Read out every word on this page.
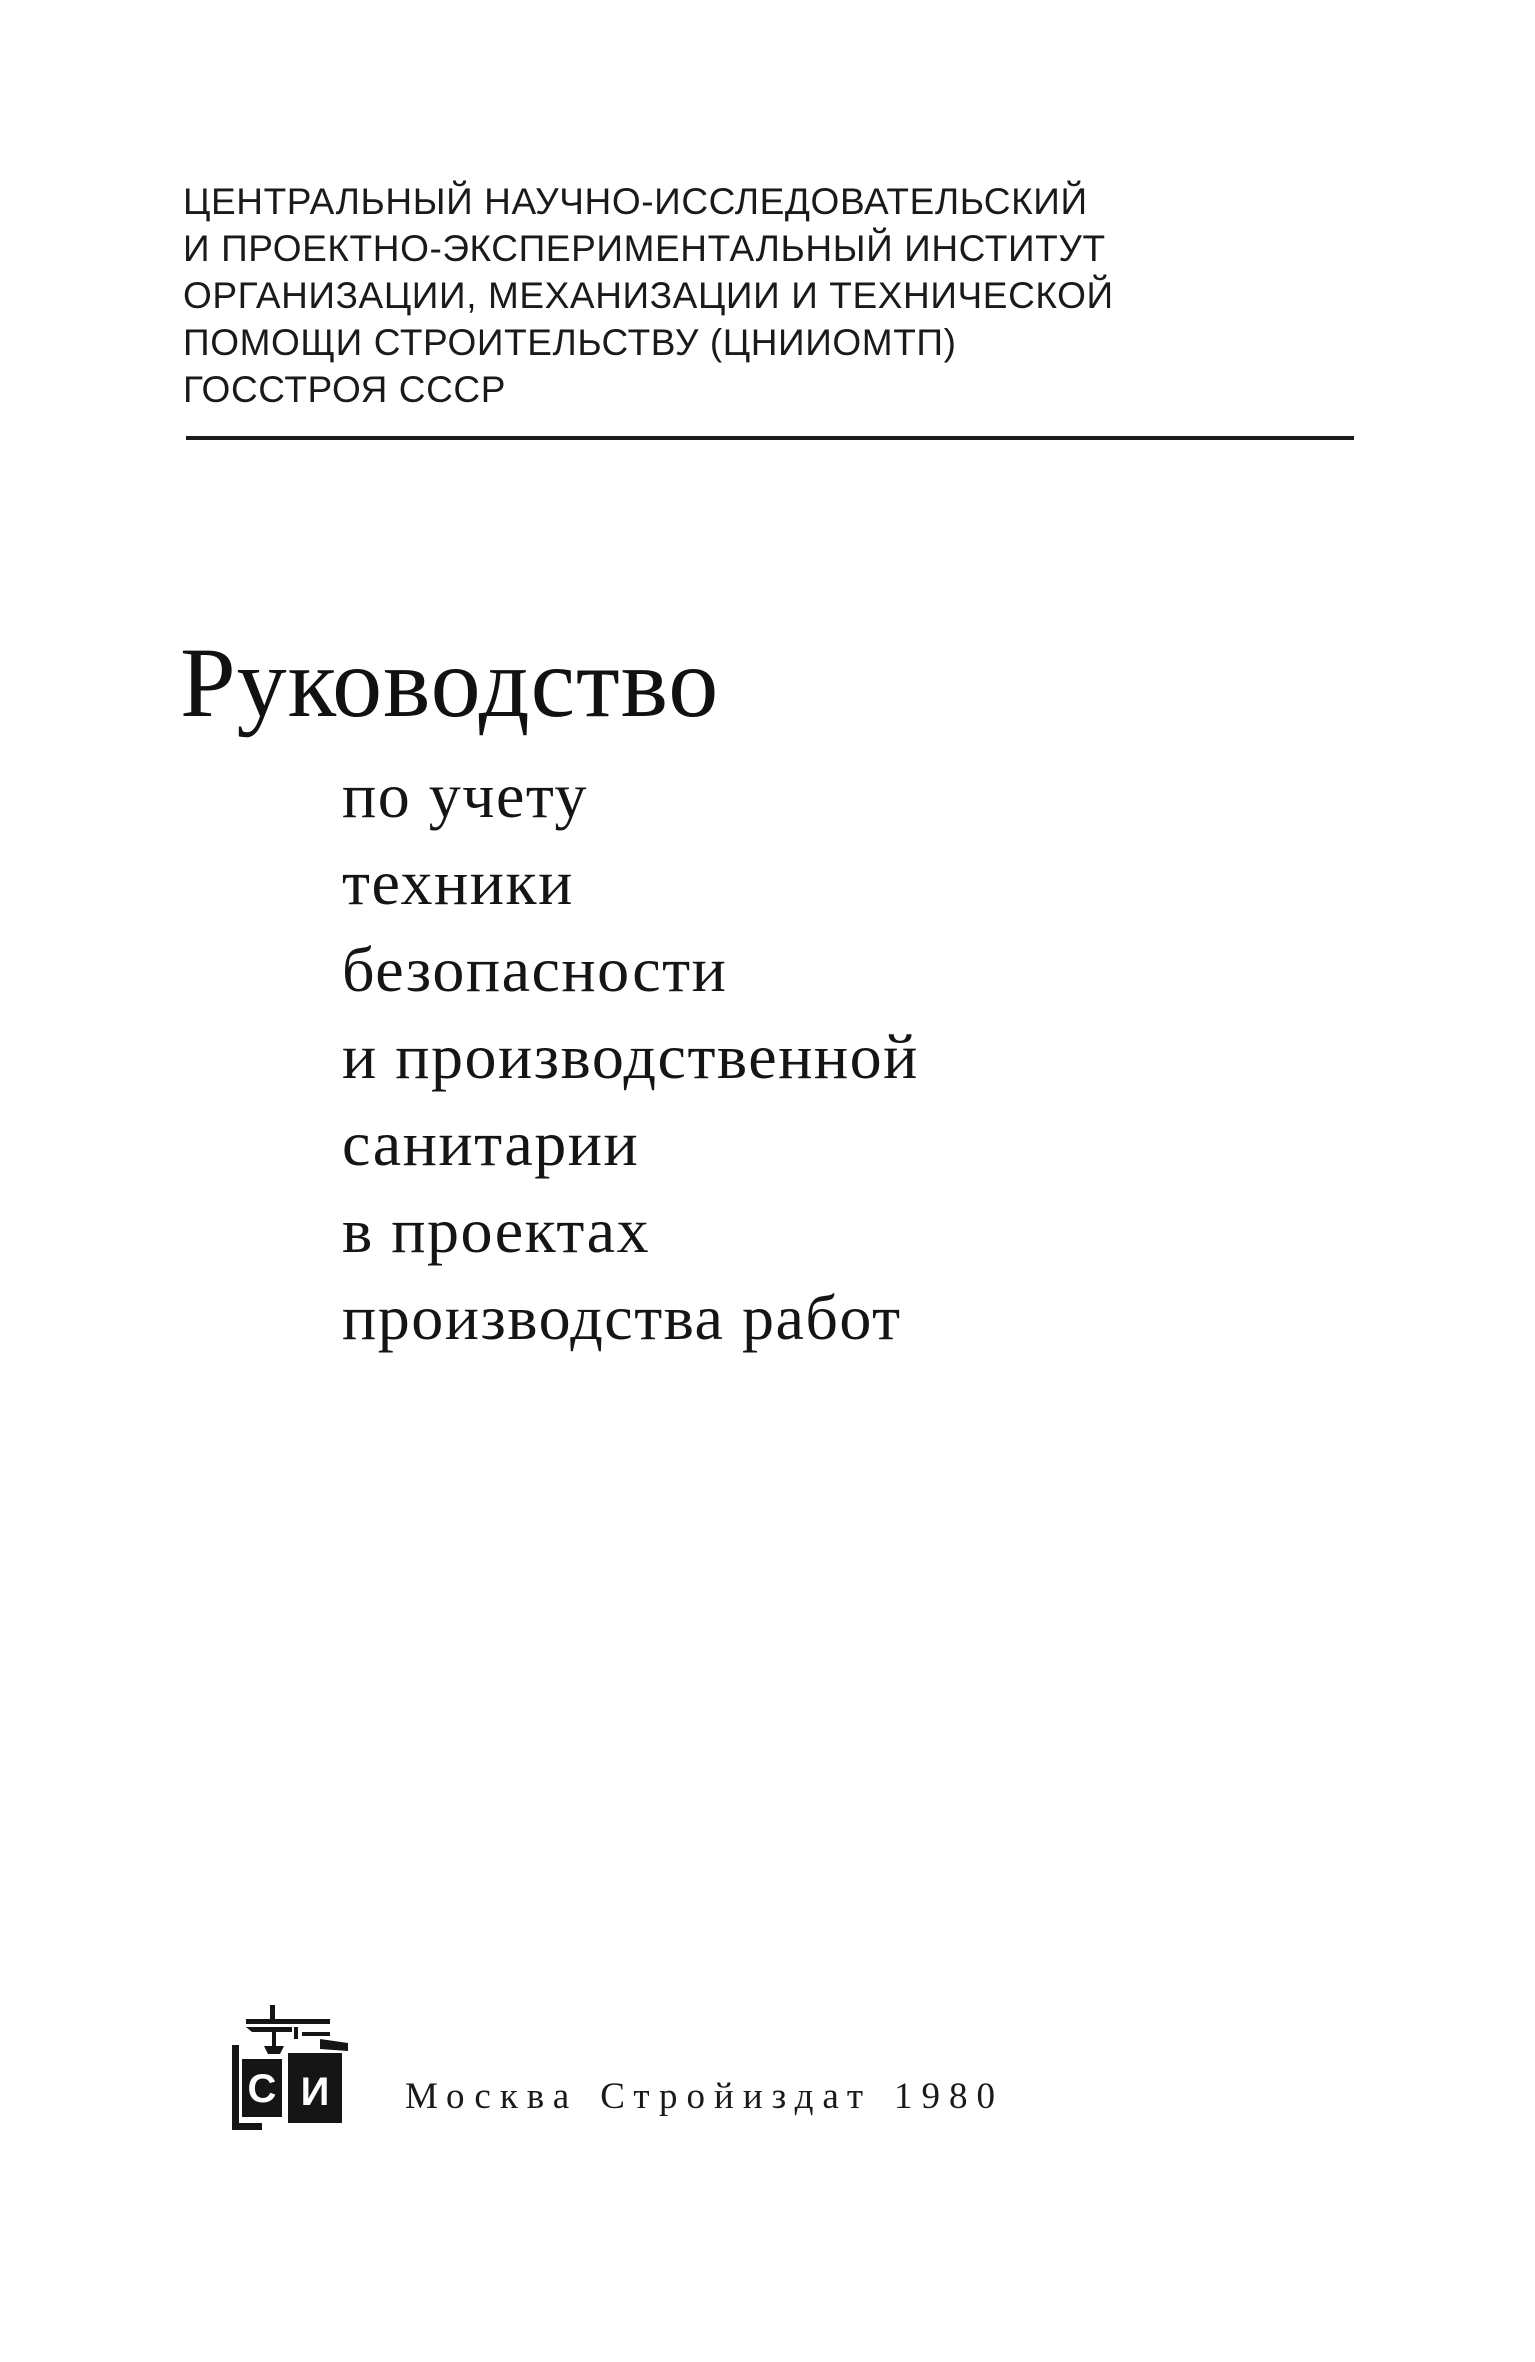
ЦЕНТРАЛЬНЫЙ НАУЧНО-ИССЛЕДОВАТЕЛЬСКИЙ
И ПРОЕКТНО-ЭКСПЕРИМЕНТАЛЬНЫЙ ИНСТИТУТ
ОРГАНИЗАЦИИ, МЕХАНИЗАЦИИ И ТЕХНИЧЕСКОЙ
ПОМОЩИ СТРОИТЕЛЬСТВУ (ЦНИИОМТП)
ГОССТРОЯ СССР
Руководство
по учету
техники
безопасности
и производственной
санитарии
в проектах
производства работ
С И Москва Стройиздат 1980
